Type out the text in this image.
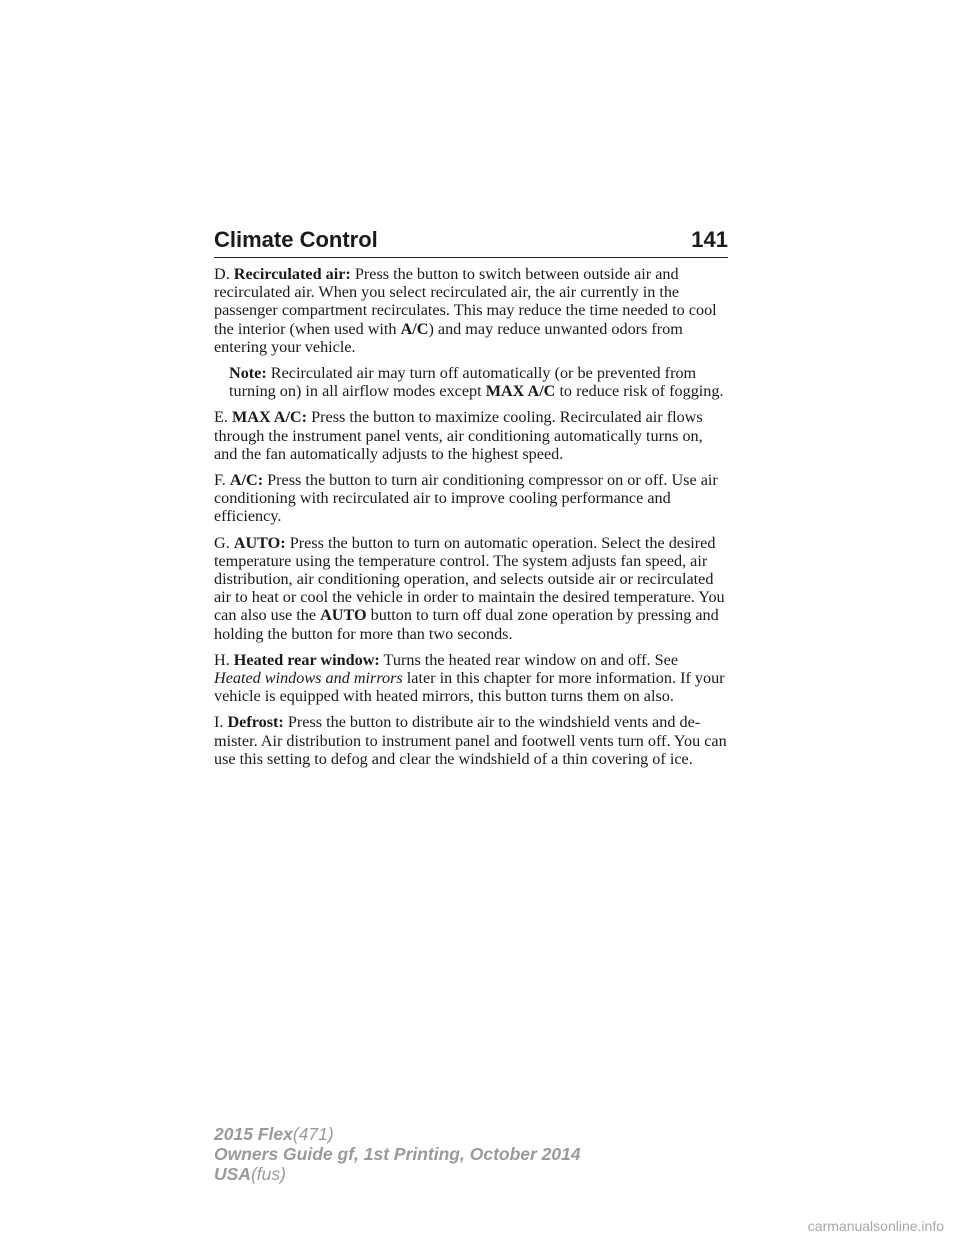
Climate Control	141

D. Recirculated air: Press the button to switch between outside air and recirculated air. When you select recirculated air, the air currently in the passenger compartment recirculates. This may reduce the time needed to cool the interior (when used with A/C) and may reduce unwanted odors from entering your vehicle.

Note: Recirculated air may turn off automatically (or be prevented from turning on) in all airflow modes except MAX A/C to reduce risk of fogging.

E. MAX A/C: Press the button to maximize cooling. Recirculated air flows through the instrument panel vents, air conditioning automatically turns on, and the fan automatically adjusts to the highest speed.

F. A/C: Press the button to turn air conditioning compressor on or off. Use air conditioning with recirculated air to improve cooling performance and efficiency.

G. AUTO: Press the button to turn on automatic operation. Select the desired temperature using the temperature control. The system adjusts fan speed, air distribution, air conditioning operation, and selects outside air or recirculated air to heat or cool the vehicle in order to maintain the desired temperature. You can also use the AUTO button to turn off dual zone operation by pressing and holding the button for more than two seconds.

H. Heated rear window: Turns the heated rear window on and off. See Heated windows and mirrors later in this chapter for more information. If your vehicle is equipped with heated mirrors, this button turns them on also.

I. Defrost: Press the button to distribute air to the windshield vents and de-mister. Air distribution to instrument panel and footwell vents turn off. You can use this setting to defog and clear the windshield of a thin covering of ice.

2015 Flex(471)
Owners Guide gf, 1st Printing, October 2014
USA(fus)
carmanualsonline.info
